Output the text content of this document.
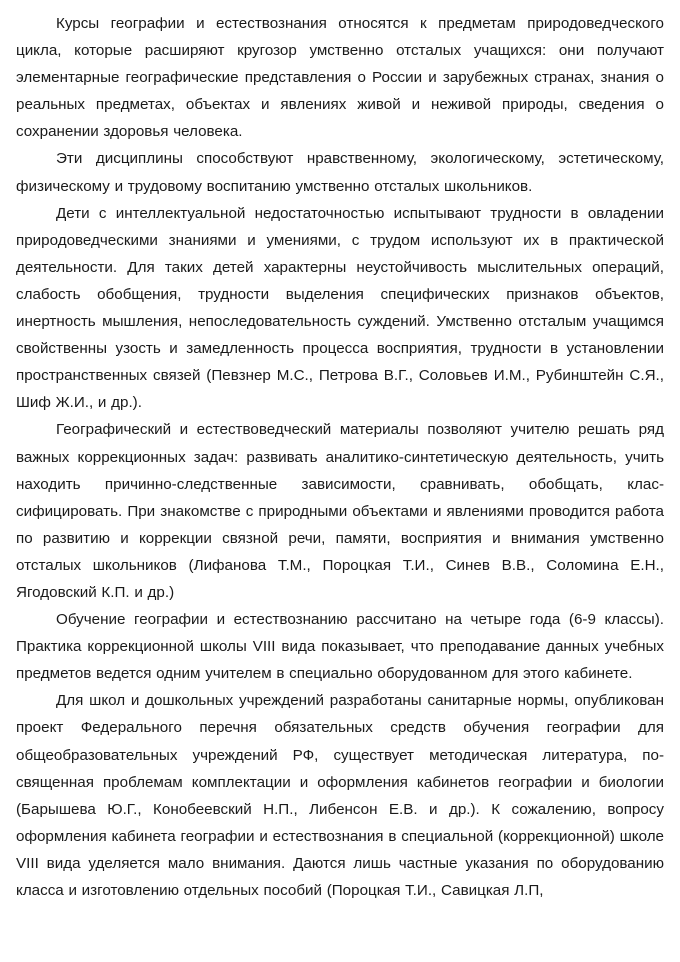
Курсы географии и естествознания относятся к предметам природоведческого цикла, которые расширяют кругозор умственно отсталых учащихся: они получают элементарные географические представления о России и зарубежных странах, знания о реальных предметах, объектах и явлениях живой и неживой природы, сведения о сохранении здоровья человека.

Эти дисциплины способствуют нравственному, экологическому, эстетическому, физическому и трудовому воспитанию умственно отсталых школьников.

Дети с интеллектуальной недостаточностью испытывают трудности в овладении природоведческими знаниями и умениями, с трудом используют их в практической деятельности. Для таких детей характерны неустойчивость мыслительных операций, слабость обобщения, трудности выделения специфических признаков объектов, инертность мышления, непоследовательность суждений. Умственно отсталым учащимся свойственны узость и замедленность процесса восприятия, трудности в установлении пространственных связей (Певзнер М.С., Петрова В.Г., Соловьев И.М., Рубинштейн С.Я., Шиф Ж.И., и др.).

Географический и естествоведческий материалы позволяют учителю решать ряд важных коррекционных задач: развивать аналитико-синтетическую деятельность, учить находить причинно-следственные зависимости, сравнивать, обобщать, классифицировать. При знакомстве с природными объектами и явлениями проводится работа по развитию и коррекции связной речи, памяти, восприятия и внимания умственно отсталых школьников (Лифанова Т.М., Пороцкая Т.И., Синев В.В., Соломина Е.Н., Ягодовский К.П. и др.)

Обучение географии и естествознанию рассчитано на четыре года (6-9 классы). Практика коррекционной школы VIII вида показывает, что преподавание данных учебных предметов ведется одним учителем в специально оборудованном для этого кабинете.

Для школ и дошкольных учреждений разработаны санитарные нормы, опубликован проект Федерального перечня обязательных средств обучения географии для общеобразовательных учреждений РФ, существует методическая литература, посвященная проблемам комплектации и оформления кабинетов географии и биологии (Барышева Ю.Г., Конобеевский Н.П., Либенсон Е.В. и др.). К сожалению, вопросу оформления кабинета географии и естествознания в специальной (коррекционной) школе VIII вида уделяется мало внимания. Даются лишь частные указания по оборудованию класса и изготовлению отдельных пособий (Пороцкая Т.И., Савицкая Л.П,
